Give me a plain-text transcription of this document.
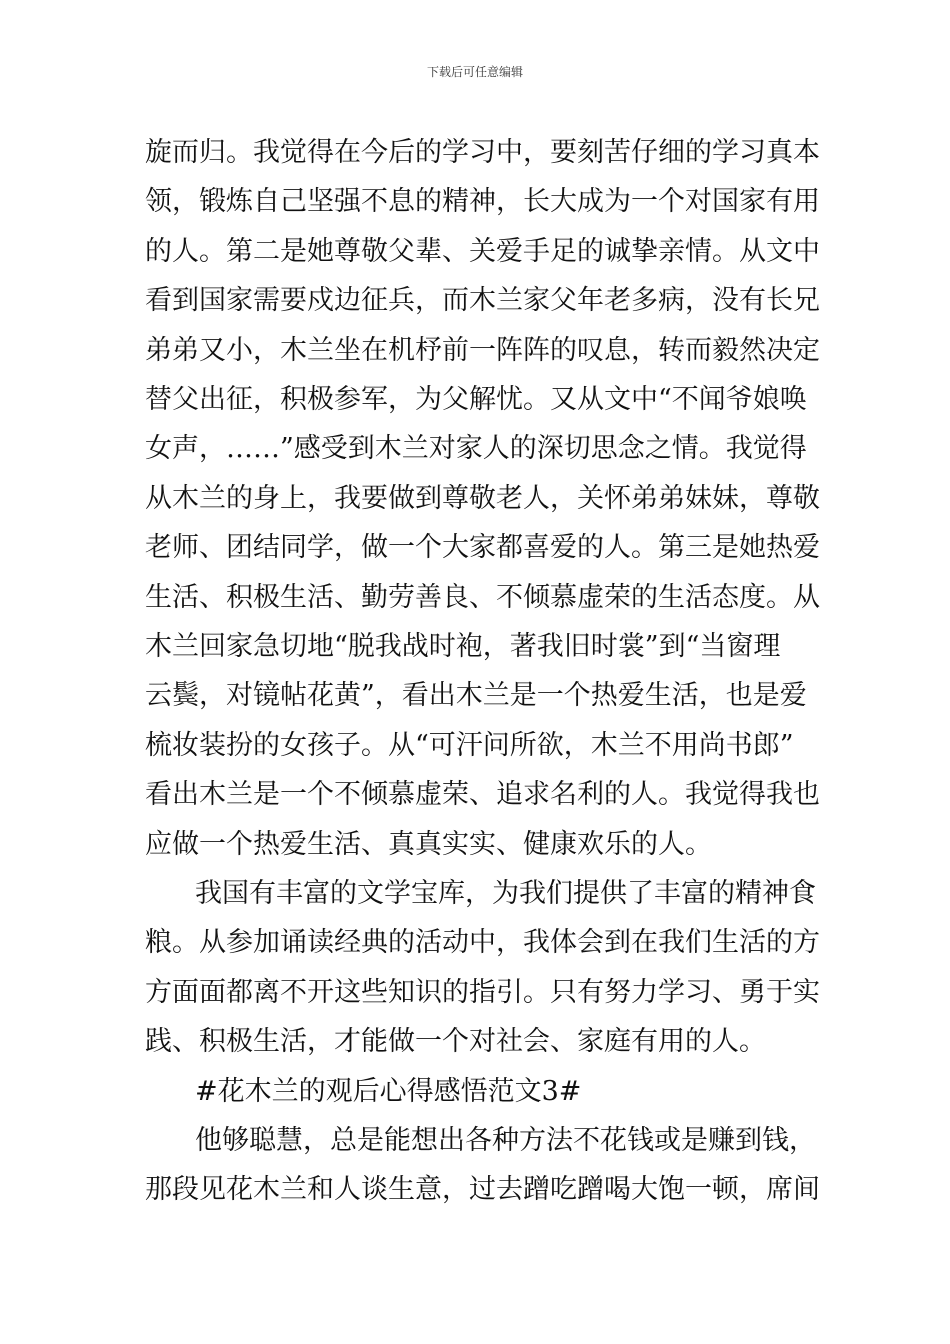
下载后可任意编辑
旋而归。我觉得在今后的学习中，要刻苦仔细的学习真本
领，锻炼自己坚强不息的精神，长大成为一个对国家有用
的人。第二是她尊敬父辈、关爱手足的诚挚亲情。从文中
看到国家需要戍边征兵，而木兰家父年老多病，没有长兄
弟弟又小，木兰坐在机杼前一阵阵的叹息，转而毅然决定
替父出征，积极参军，为父解忧。又从文中“不闻爷娘唤
女声，……”感受到木兰对家人的深切思念之情。我觉得
从木兰的身上，我要做到尊敬老人，关怀弟弟妹妹，尊敬
老师、团结同学，做一个大家都喜爱的人。第三是她热爱
生活、积极生活、勤劳善良、不倾慕虚荣的生活态度。从
木兰回家急切地“脱我战时袍，著我旧时裳”到“当窗理
云鬓，对镜帖花黄”，看出木兰是一个热爱生活，也是爱
梳妆装扮的女孩子。从“可汗问所欲，木兰不用尚书郎”
看出木兰是一个不倾慕虚荣、追求名利的人。我觉得我也
应做一个热爱生活、真真实实、健康欢乐的人。
我国有丰富的文学宝库，为我们提供了丰富的精神食
粮。从参加诵读经典的活动中，我体会到在我们生活的方
方面面都离不开这些知识的指引。只有努力学习、勇于实
践、积极生活，才能做一个对社会、家庭有用的人。
#花木兰的观后心得感悟范文3#
他够聪慧，总是能想出各种方法不花钱或是赚到钱，
那段见花木兰和人谈生意，过去蹭吃蹭喝大饱一顿，席间
